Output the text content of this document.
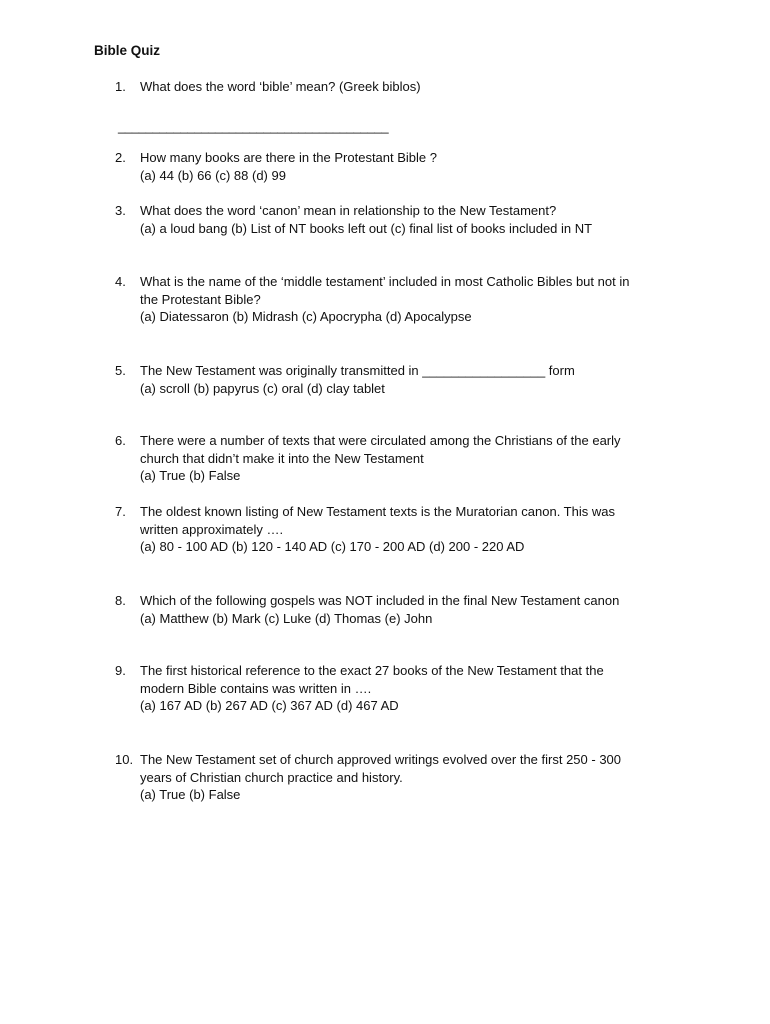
Bible Quiz
_______________________________________
1. What does the word ‘bible’ mean? (Greek biblos)
2. How many books are there in the Protestant Bible ?
(a) 44 (b) 66 (c) 88 (d) 99
3. What does the word ‘canon’ mean in relationship to the New Testament?
(a) a loud bang (b) List of NT books left out (c) final list of books included in NT
4. What is the name of the ‘middle testament’ included in most Catholic Bibles but not in
the Protestant Bible?
(a) Diatessaron (b) Midrash (c) Apocrypha (d) Apocalypse
5. The New Testament was originally transmitted in _________________ form
(a) scroll (b) papyrus (c) oral (d) clay tablet
6. There were a number of texts that were circulated among the Christians of the early
church that didn’t make it into the New Testament
(a) True (b) False
7. The oldest known listing of New Testament texts is the Muratorian canon. This was
written approximately ….
(a) 80 - 100 AD (b) 120 - 140 AD (c) 170 - 200 AD (d) 200 - 220 AD
8. Which of the following gospels was NOT included in the final New Testament canon
(a) Matthew (b) Mark (c) Luke (d) Thomas (e) John
9. The first historical reference to the exact 27 books of the New Testament that the
modern Bible contains was written in ….
(a) 167 AD (b) 267 AD (c) 367 AD (d) 467 AD
10. The New Testament set of church approved writings evolved over the first 250 - 300
years of Christian church practice and history.
(a) True (b) False
